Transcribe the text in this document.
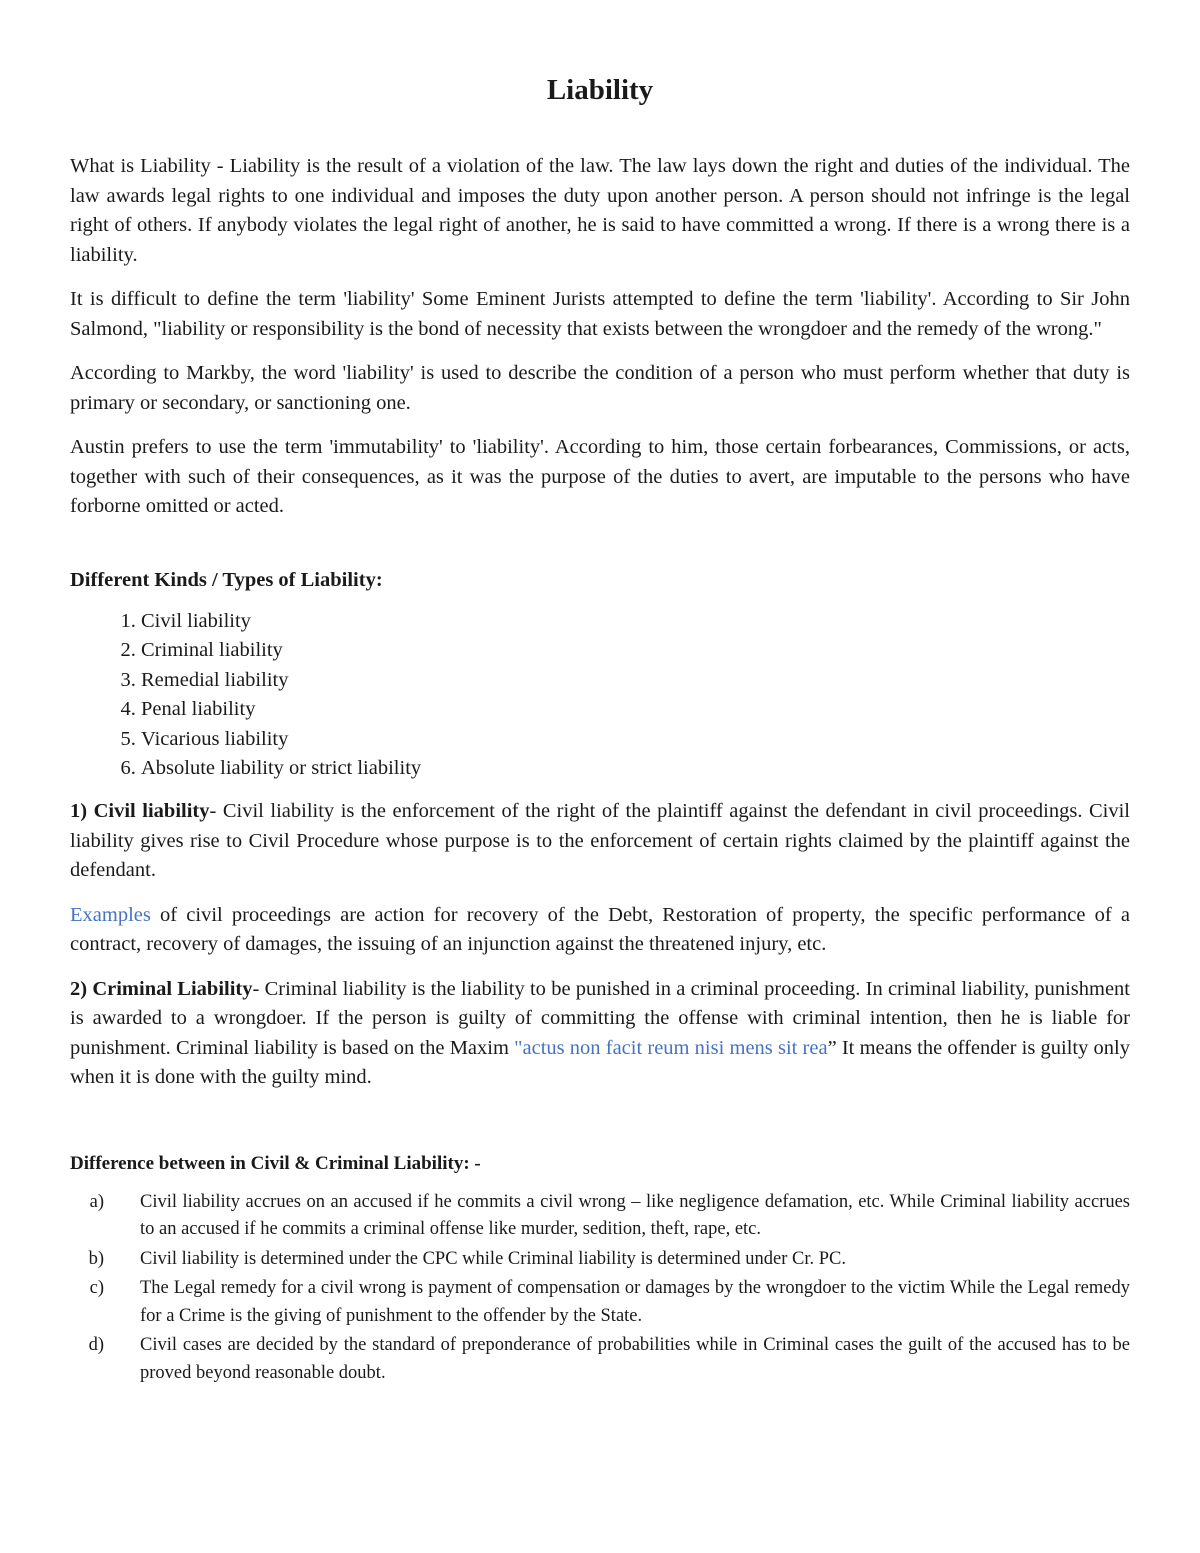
Liability

What is Liability - Liability is the result of a violation of the law. The law lays down the right and duties of the individual. The law awards legal rights to one individual and imposes the duty upon another person. A person should not infringe is the legal right of others. If anybody violates the legal right of another, he is said to have committed a wrong. If there is a wrong there is a liability.

It is difficult to define the term 'liability' Some Eminent Jurists attempted to define the term 'liability'. According to Sir John Salmond, "liability or responsibility is the bond of necessity that exists between the wrongdoer and the remedy of the wrong."

According to Markby, the word 'liability' is used to describe the condition of a person who must perform whether that duty is primary or secondary, or sanctioning one.

Austin prefers to use the term 'immutability' to 'liability'. According to him, those certain forbearances, Commissions, or acts, together with such of their consequences, as it was the purpose of the duties to avert, are imputable to the persons who have forborne omitted or acted.

Different Kinds / Types of Liability:
1. Civil liability
2. Criminal liability
3. Remedial liability
4. Penal liability
5. Vicarious liability
6. Absolute liability or strict liability

1) Civil liability- Civil liability is the enforcement of the right of the plaintiff against the defendant in civil proceedings. Civil liability gives rise to Civil Procedure whose purpose is to the enforcement of certain rights claimed by the plaintiff against the defendant.

Examples of civil proceedings are action for recovery of the Debt, Restoration of property, the specific performance of a contract, recovery of damages, the issuing of an injunction against the threatened injury, etc.

2) Criminal Liability- Criminal liability is the liability to be punished in a criminal proceeding. In criminal liability, punishment is awarded to a wrongdoer. If the person is guilty of committing the offense with criminal intention, then he is liable for punishment. Criminal liability is based on the Maxim "actus non facit reum nisi mens sit rea” It means the offender is guilty only when it is done with the guilty mind.

Difference between in Civil & Criminal Liability: -
a)	Civil liability accrues on an accused if he commits a civil wrong – like negligence defamation, etc. While Criminal liability accrues to an accused if he commits a criminal offense like murder, sedition, theft, rape, etc.
b)	Civil liability is determined under the CPC while Criminal liability is determined under Cr. PC.
c)	The Legal remedy for a civil wrong is payment of compensation or damages by the wrongdoer to the victim While the Legal remedy for a Crime is the giving of punishment to the offender by the State.
d)	Civil cases are decided by the standard of preponderance of probabilities while in Criminal cases the guilt of the accused has to be proved beyond reasonable doubt.
